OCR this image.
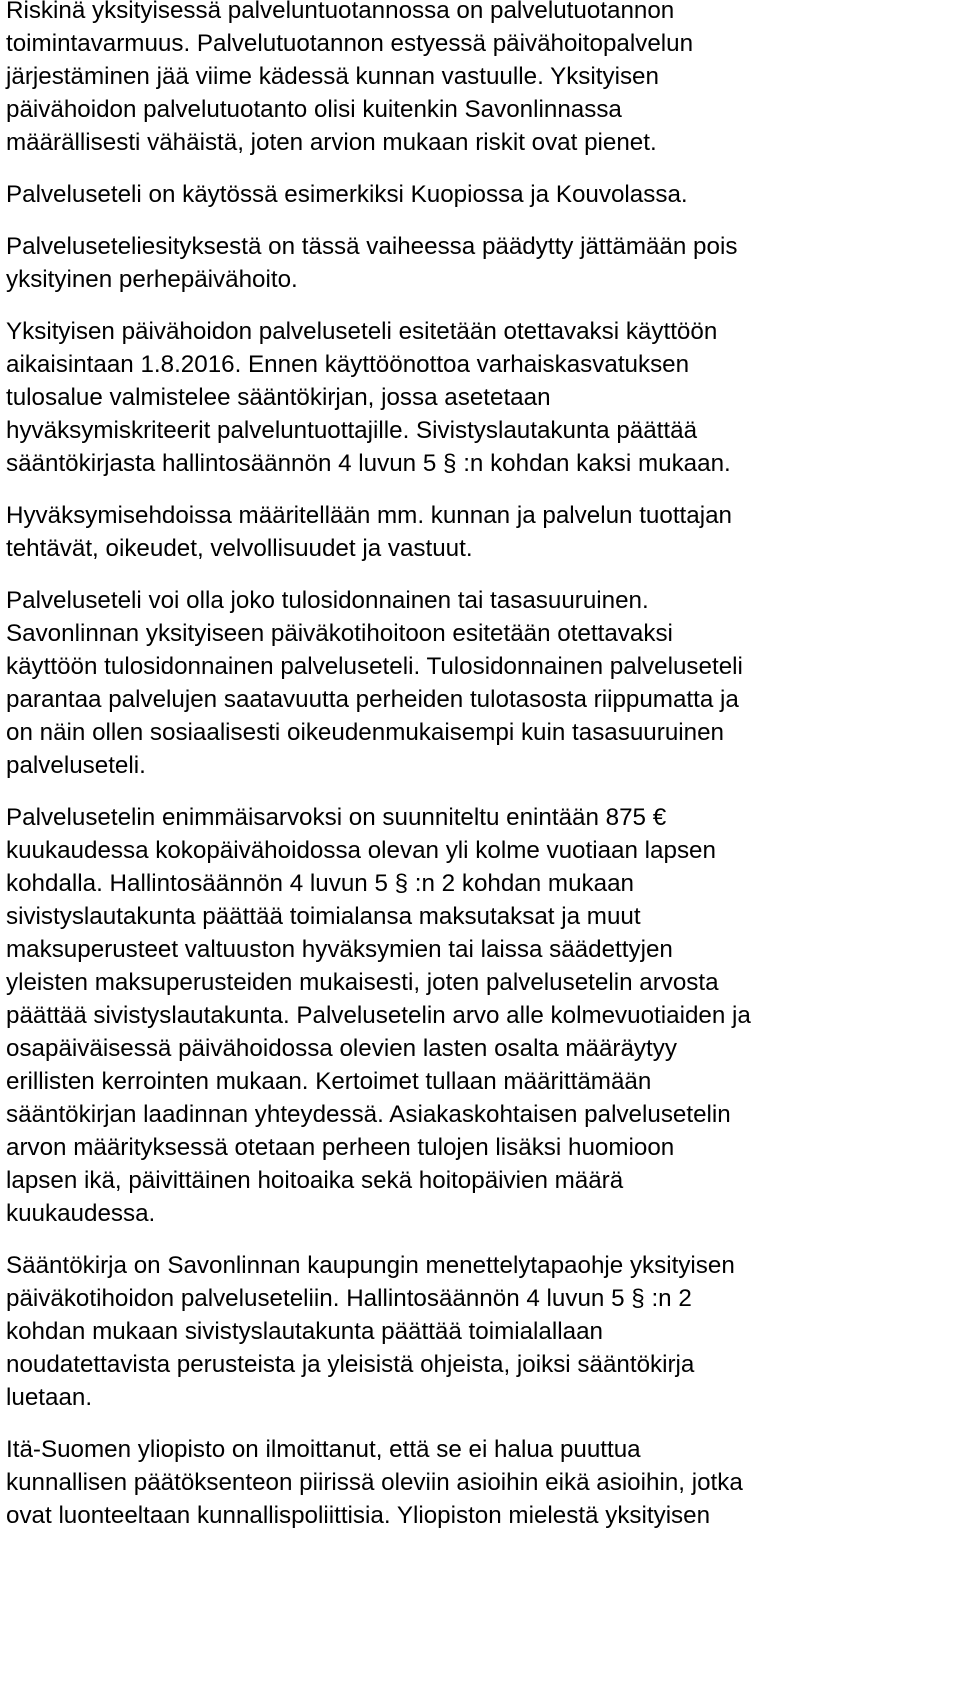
Riskinä yksityisessä palveluntuotannossa on palvelutuotannon
toimintavarmuus. Palvelutuotannon estyessä päivähoitopalvelun
järjestäminen jää viime kädessä kunnan vastuulle. Yksityisen
päivähoidon palvelutuotanto olisi kuitenkin Savonlinnassa
määrällisesti vähäistä, joten arvion mukaan riskit ovat pienet.
Palveluseteli on käytössä esimerkiksi Kuopiossa ja Kouvolassa.
Palveluseteliesityksestä on tässä vaiheessa päädytty jättämään pois
yksityinen perhepäivähoito.
Yksityisen päivähoidon palveluseteli esitetään otettavaksi käyttöön
aikaisintaan 1.8.2016. Ennen käyttöönottoa varhaiskasvatuksen
tulosalue valmistelee sääntökirjan, jossa asetetaan
hyväksymiskriteerit palveluntuottajille. Sivistyslautakunta päättää
sääntökirjasta hallintosäännön 4 luvun 5 § :n kohdan kaksi mukaan.
Hyväksymisehdoissa määritellään mm. kunnan ja palvelun tuottajan
tehtävät, oikeudet, velvollisuudet ja vastuut.
Palveluseteli voi olla joko tulosidonnainen tai tasasuuruinen.
Savonlinnan yksityiseen päiväkotihoitoon esitetään otettavaksi
käyttöön tulosidonnainen palveluseteli. Tulosidonnainen palveluseteli
parantaa palvelujen saatavuutta perheiden tulotasosta riippumatta ja
on näin ollen sosiaalisesti oikeudenmukaisempi kuin tasasuuruinen
palveluseteli.
Palvelusetelin enimmäisarvoksi on suunniteltu enintään 875 €
kuukaudessa kokopäivähoidossa olevan yli kolme vuotiaan lapsen
kohdalla. Hallintosäännön 4 luvun 5 § :n 2 kohdan mukaan
sivistyslautakunta päättää toimialansa maksutaksat ja muut
maksuperusteet valtuuston hyväksymien tai laissa säädettyjen
yleisten maksuperusteiden mukaisesti, joten palvelusetelin arvosta
päättää sivistyslautakunta. Palvelusetelin arvo alle kolmevuotiaiden ja
osapäiväisessä päivähoidossa olevien lasten osalta määräytyy
erillisten kerrointen mukaan. Kertoimet tullaan määrittämään
sääntökirjan laadinnan yhteydessä. Asiakaskohtaisen palvelusetelin
arvon määrityksessä otetaan perheen tulojen lisäksi huomioon
lapsen ikä, päivittäinen hoitoaika sekä hoitopäivien määrä
kuukaudessa.
Sääntökirja on Savonlinnan kaupungin menettelytapaohje yksityisen
päiväkotihoidon palveluseteliin. Hallintosäännön 4 luvun 5 § :n 2
kohdan mukaan sivistyslautakunta päättää toimialallaan
noudatettavista perusteista ja yleisistä ohjeista, joiksi sääntökirja
luetaan.
Itä-Suomen yliopisto on ilmoittanut, että se ei halua puuttua
kunnallisen päätöksenteon piirissä oleviin asioihin eikä asioihin, jotka
ovat luonteeltaan kunnallispoliittisia. Yliopiston mielestä yksityisen
